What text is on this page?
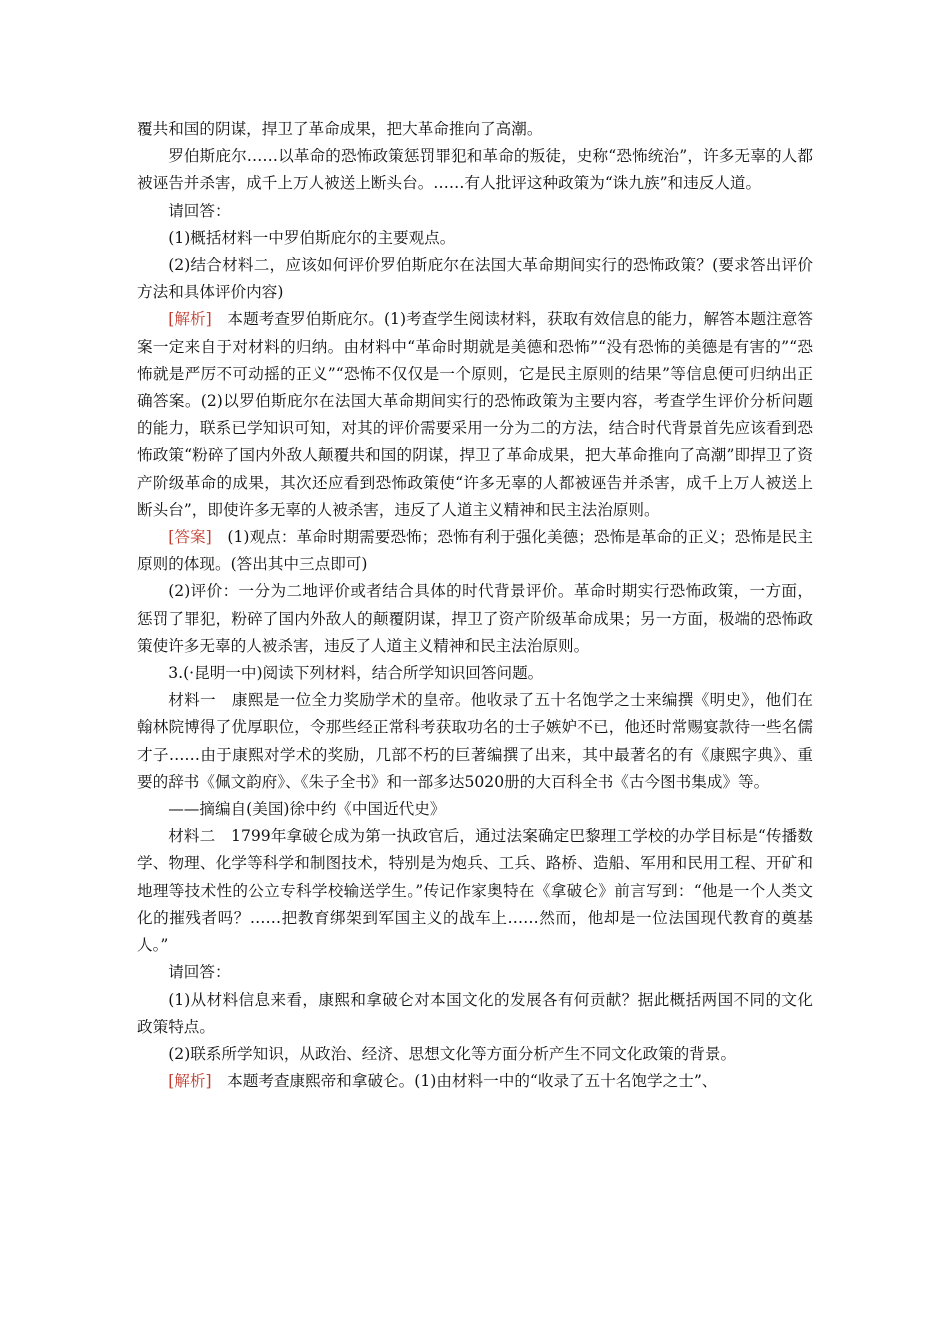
覆共和国的阴谋，捍卫了革命成果，把大革命推向了高潮。

罗伯斯庇尔……以革命的恐怖政策惩罚罪犯和革命的叛徒，史称“恐怖统治”，许多无辜的人都被诬告并杀害，成千上万人被送上断头台。……有人批评这种政策为“诛九族”和违反人道。

请回答：

(1)概括材料一中罗伯斯庇尔的主要观点。

(2)结合材料二，应该如何评价罗伯斯庇尔在法国大革命期间实行的恐怖政策？(要求答出评价方法和具体评价内容)

[解析]　本题考查罗伯斯庇尔。(1)考查学生阅读材料，获取有效信息的能力，解答本题注意答案一定来自于对材料的归纳。由材料中“革命时期就是美德和恐怖”“没有恐怖的美德是有害的”“恐怖就是严厉不可动摇的正义”“恐怖不仅仅是一个原则，它是民主原则的结果”等信息便可归纳出正确答案。(2)以罗伯斯庇尔在法国大革命期间实行的恐怖政策为主要内容，考查学生评价分析问题的能力，联系已学知识可知，对其的评价需要采用一分为二的方法，结合时代背景首先应该看到恐怖政策“粉碎了国内外敌人颠覆共和国的阴谋，捍卫了革命成果，把大革命推向了高潮”即捍卫了资产阶级革命的成果，其次还应看到恐怖政策使“许多无辜的人都被诬告并杀害，成千上万人被送上断头台”，即使许多无辜的人被杀害，违反了人道主义精神和民主法治原则。

[答案]　(1)观点：革命时期需要恐怖；恐怖有利于强化美德；恐怖是革命的正义；恐怖是民主原则的体现。(答出其中三点即可)

(2)评价：一分为二地评价或者结合具体的时代背景评价。革命时期实行恐怖政策，一方面，惩罚了罪犯，粉碎了国内外敌人的颠覆阴谋，捍卫了资产阶级革命成果；另一方面，极端的恐怖政策使许多无辜的人被杀害，违反了人道主义精神和民主法治原则。

3.(·昆明一中)阅读下列材料，结合所学知识回答问题。

材料一　康熙是一位全力奖励学术的皇帝。他收录了五十名饱学之士来编撰《明史》，他们在翰林院博得了优厚职位，令那些经正常科考获取功名的士子嫉妒不已，他还时常赐宴款待一些名儒才子……由于康熙对学术的奖励，几部不朽的巨著编撰了出来，其中最著名的有《康熙字典》、重要的辞书《佩文韵府》、《朱子全书》和一部多达5020册的大百科全书《古今图书集成》等。

——摘编自(美国)徐中约《中国近代史》

材料二　1799年拿破仑成为第一执政官后，通过法案确定巴黎理工学校的办学目标是“传播数学、物理、化学等科学和制图技术，特别是为炮兵、工兵、路桥、造船、军用和民用工程、开矿和地理等技术性的公立专科学校输送学生。”传记作家奥特在《拿破仑》前言写到：“他是一个人类文化的摧残者吗？……把教育绑架到军国主义的战车上……然而，他却是一位法国现代教育的奠基人。”

请回答：

(1)从材料信息来看，康熙和拿破仑对本国文化的发展各有何贡献？据此概括两国不同的文化政策特点。

(2)联系所学知识，从政治、经济、思想文化等方面分析产生不同文化政策的背景。

[解析]　本题考查康熙帝和拿破仑。(1)由材料一中的“收录了五十名饱学之士”、
